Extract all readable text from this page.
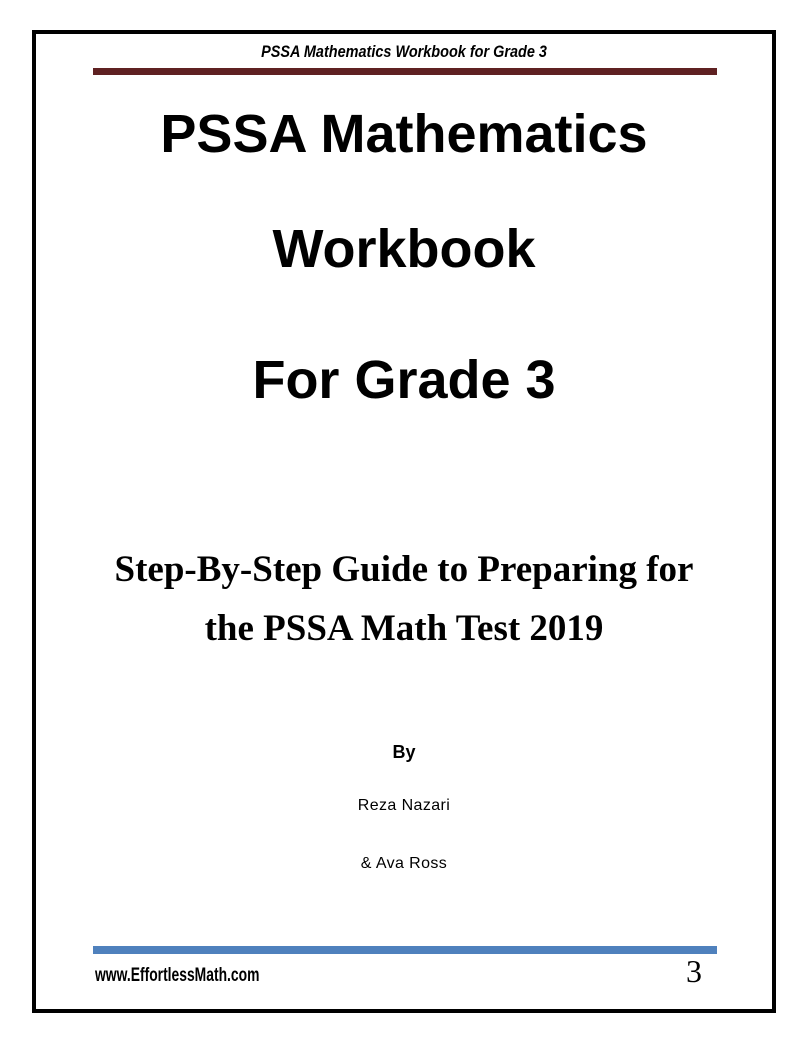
PSSA Mathematics Workbook for Grade 3
PSSA Mathematics
Workbook
For Grade 3
Step-By-Step Guide to Preparing for
the PSSA Math Test 2019
By
Reza Nazari
& Ava Ross
www.EffortlessMath.com	3
